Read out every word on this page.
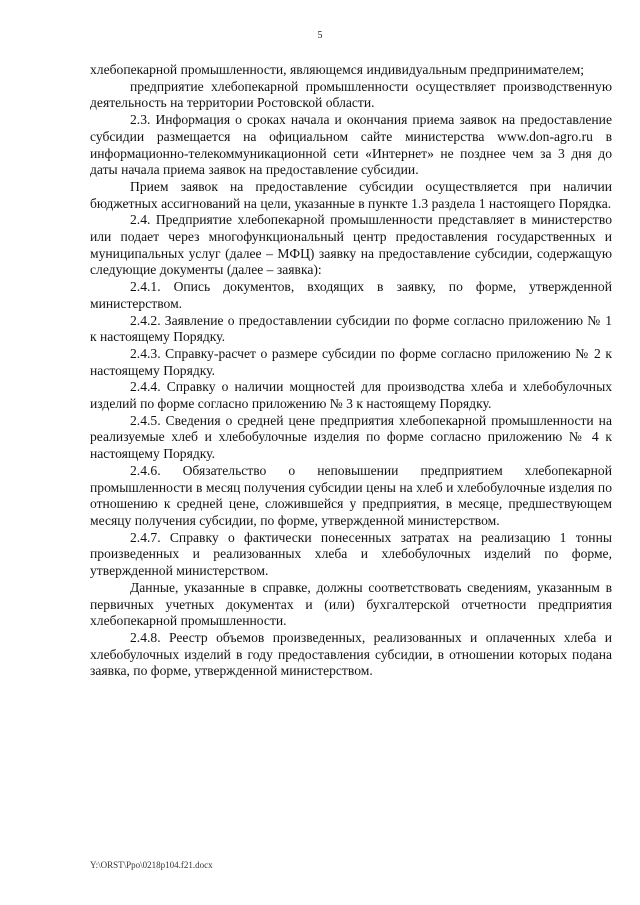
5

хлебопекарной промышленности, являющемся индивидуальным предпринимателем;

предприятие хлебопекарной промышленности осуществляет производственную деятельность на территории Ростовской области.

2.3. Информация о сроках начала и окончания приема заявок на предоставление субсидии размещается на официальном сайте министерства www.don-agro.ru в информационно-телекоммуникационной сети «Интернет» не позднее чем за 3 дня до даты начала приема заявок на предоставление субсидии.

Прием заявок на предоставление субсидии осуществляется при наличии бюджетных ассигнований на цели, указанные в пункте 1.3 раздела 1 настоящего Порядка.

2.4. Предприятие хлебопекарной промышленности представляет в министерство или подает через многофункциональный центр предоставления государственных и муниципальных услуг (далее – МФЦ) заявку на предоставление субсидии, содержащую следующие документы (далее – заявка):

2.4.1. Опись документов, входящих в заявку, по форме, утвержденной министерством.

2.4.2. Заявление о предоставлении субсидии по форме согласно приложению № 1 к настоящему Порядку.

2.4.3. Справку-расчет о размере субсидии по форме согласно приложению № 2 к настоящему Порядку.

2.4.4. Справку о наличии мощностей для производства хлеба и хлебобулочных изделий по форме согласно приложению № 3 к настоящему Порядку.

2.4.5. Сведения о средней цене предприятия хлебопекарной промышленности на реализуемые хлеб и хлебобулочные изделия по форме согласно приложению № 4 к настоящему Порядку.

2.4.6. Обязательство о неповышении предприятием хлебопекарной промышленности в месяц получения субсидии цены на хлеб и хлебобулочные изделия по отношению к средней цене, сложившейся у предприятия, в месяце, предшествующем месяцу получения субсидии, по форме, утвержденной министерством.

2.4.7. Справку о фактически понесенных затратах на реализацию 1 тонны произведенных и реализованных хлеба и хлебобулочных изделий по форме, утвержденной министерством.

Данные, указанные в справке, должны соответствовать сведениям, указанным в первичных учетных документах и (или) бухгалтерской отчетности предприятия хлебопекарной промышленности.

2.4.8. Реестр объемов произведенных, реализованных и оплаченных хлеба и хлебобулочных изделий в году предоставления субсидии, в отношении которых подана заявка, по форме, утвержденной министерством.

Y:\ORST\Ppo\0218p104.f21.docx
